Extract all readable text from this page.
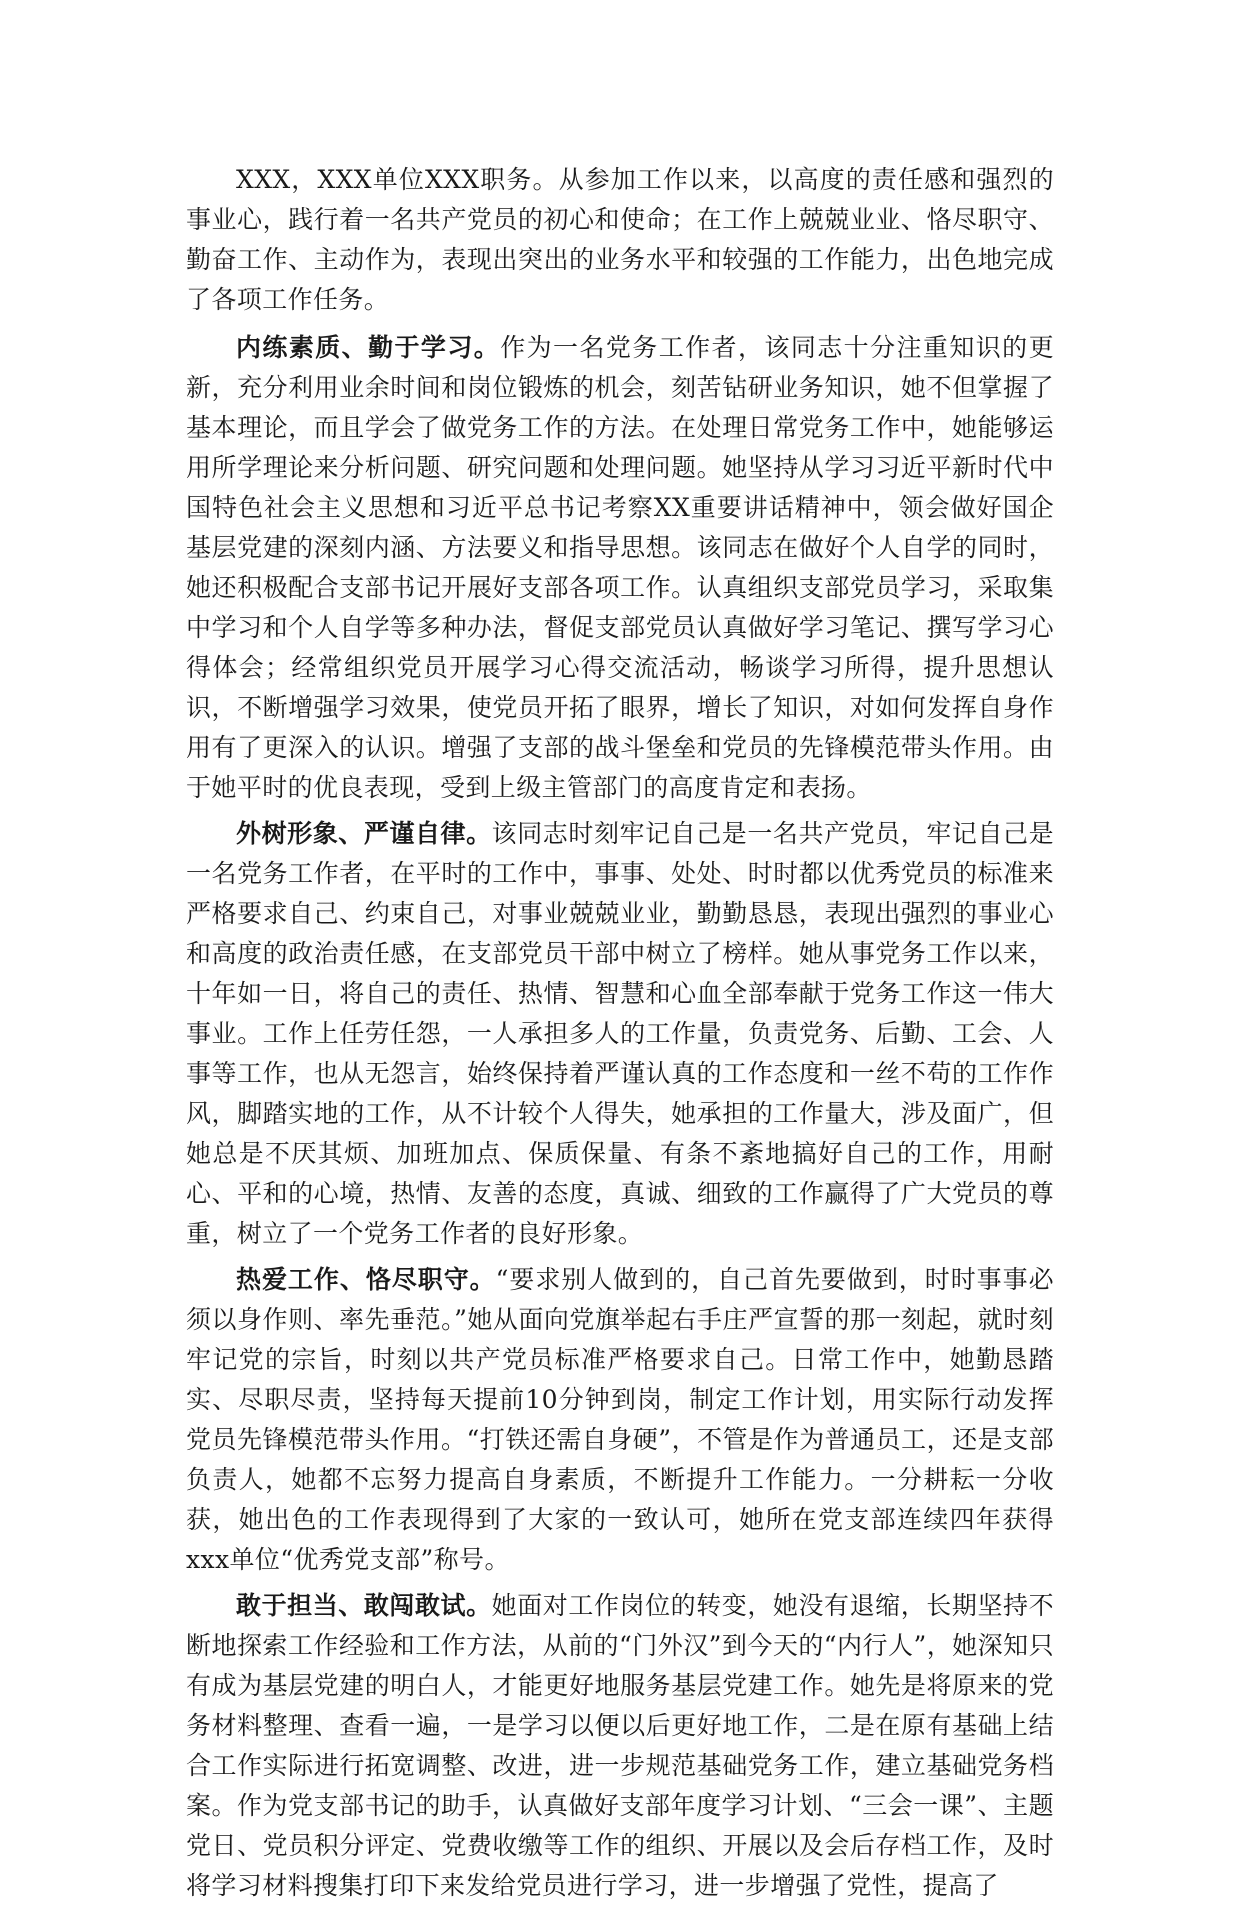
XXX，XXX单位XXX职务。从参加工作以来，以高度的责任感和强烈的事业心，践行着一名共产党员的初心和使命；在工作上兢兢业业、恪尽职守、勤奋工作、主动作为，表现出突出的业务水平和较强的工作能力，出色地完成了各项工作任务。

内练素质、勤于学习。作为一名党务工作者，该同志十分注重知识的更新，充分利用业余时间和岗位锻炼的机会，刻苦钻研业务知识，她不但掌握了基本理论，而且学会了做党务工作的方法。在处理日常党务工作中，她能够运用所学理论来分析问题、研究问题和处理问题。她坚持从学习习近平新时代中国特色社会主义思想和习近平总书记考察XX重要讲话精神中，领会做好国企基层党建的深刻内涵、方法要义和指导思想。该同志在做好个人自学的同时，她还积极配合支部书记开展好支部各项工作。认真组织支部党员学习，采取集中学习和个人自学等多种办法，督促支部党员认真做好学习笔记、撰写学习心得体会；经常组织党员开展学习心得交流活动，畅谈学习所得，提升思想认识，不断增强学习效果，使党员开拓了眼界，增长了知识，对如何发挥自身作用有了更深入的认识。增强了支部的战斗堡垒和党员的先锋模范带头作用。由于她平时的优良表现，受到上级主管部门的高度肯定和表扬。

外树形象、严谨自律。该同志时刻牢记自己是一名共产党员，牢记自己是一名党务工作者，在平时的工作中，事事、处处、时时都以优秀党员的标准来严格要求自己、约束自己，对事业兢兢业业，勤勤恳恳，表现出强烈的事业心和高度的政治责任感，在支部党员干部中树立了榜样。她从事党务工作以来，十年如一日，将自己的责任、热情、智慧和心血全部奉献于党务工作这一伟大事业。工作上任劳任怨，一人承担多人的工作量，负责党务、后勤、工会、人事等工作，也从无怨言，始终保持着严谨认真的工作态度和一丝不苟的工作作风，脚踏实地的工作，从不计较个人得失，她承担的工作量大，涉及面广，但她总是不厌其烦、加班加点、保质保量、有条不紊地搞好自己的工作，用耐心、平和的心境，热情、友善的态度，真诚、细致的工作赢得了广大党员的尊重，树立了一个党务工作者的良好形象。

热爱工作、恪尽职守。“要求别人做到的，自己首先要做到，时时事事必须以身作则、率先垂范。”她从面向党旗举起右手庄严宣誓的那一刻起，就时刻牢记党的宗旨，时刻以共产党员标准严格要求自己。日常工作中，她勤恳踏实、尽职尽责，坚持每天提前10分钟到岗，制定工作计划，用实际行动发挥党员先锋模范带头作用。“打铁还需自身硬”，不管是作为普通员工，还是支部负责人，她都不忘努力提高自身素质，不断提升工作能力。一分耕耘一分收获，她出色的工作表现得到了大家的一致认可，她所在党支部连续四年获得xxx单位“优秀党支部”称号。

敢于担当、敢闯敢试。她面对工作岗位的转变，她没有退缩，长期坚持不断地探索工作经验和工作方法，从前的“门外汉”到今天的“内行人”，她深知只有成为基层党建的明白人，才能更好地服务基层党建工作。她先是将原来的党务材料整理、查看一遍，一是学习以便以后更好地工作，二是在原有基础上结合工作实际进行拓宽调整、改进，进一步规范基础党务工作，建立基础党务档案。作为党支部书记的助手，认真做好支部年度学习计划、“三会一课”、主题党日、党员积分评定、党费收缴等工作的组织、开展以及会后存档工作，及时将学习材料搜集打印下来发给党员进行学习，进一步增强了党性，提高了
